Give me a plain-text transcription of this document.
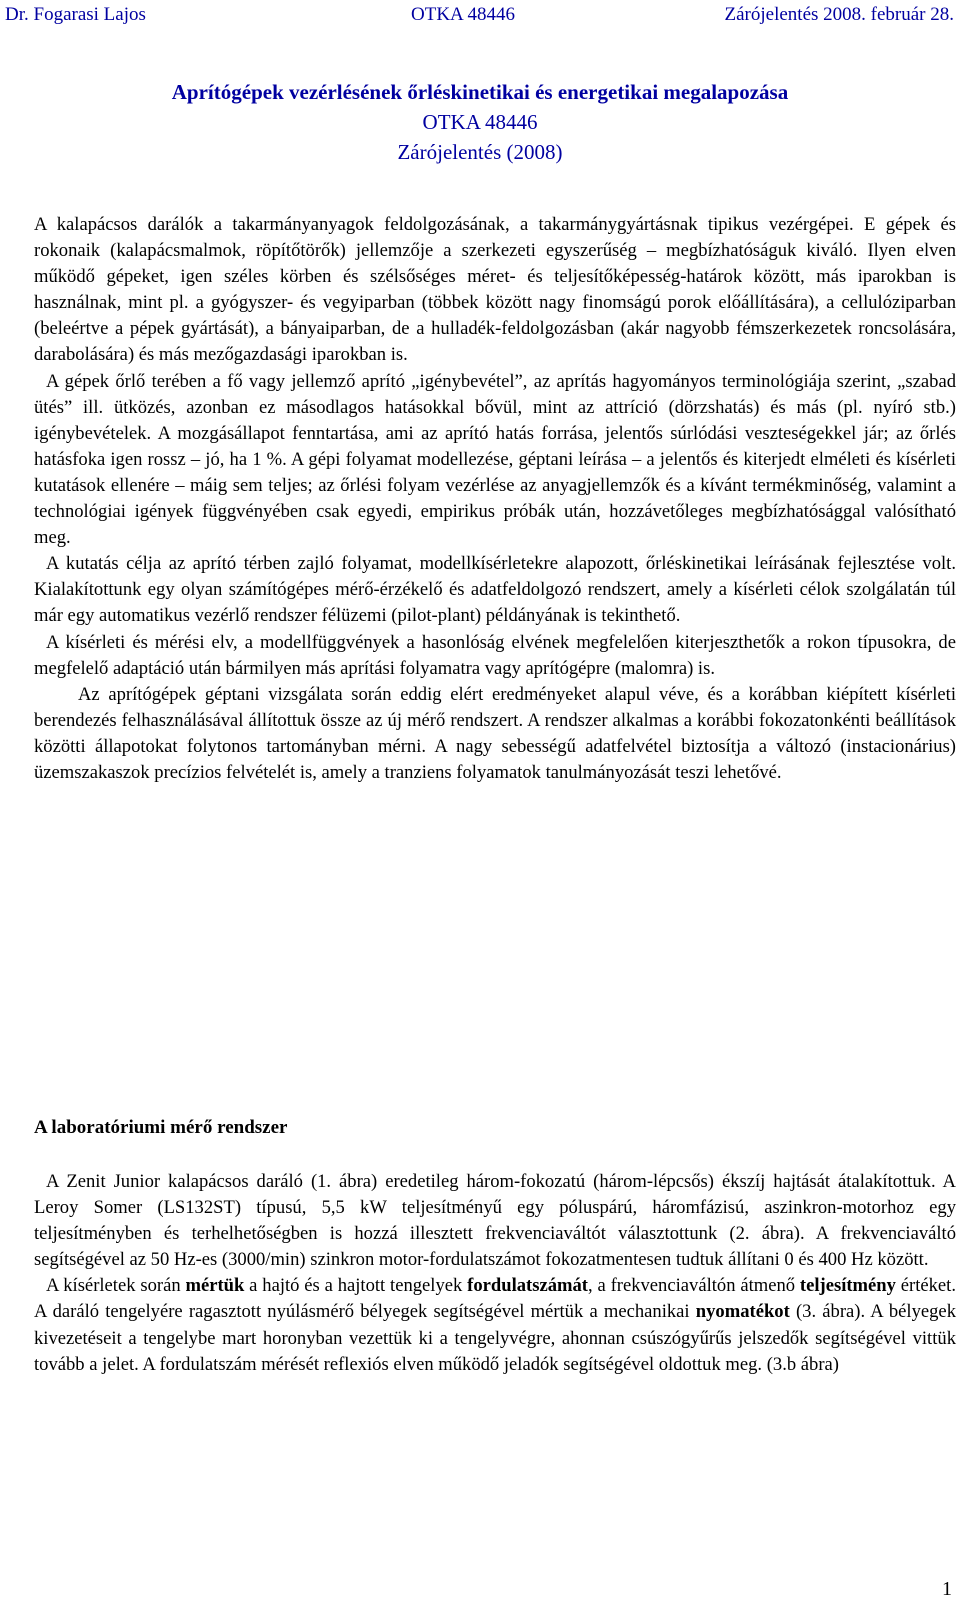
Dr. Fogarasi Lajos	OTKA 48446	Zárójelentés 2008. február 28.
Aprítógépek vezérlésének őrléskinetikai és energetikai megalapozása
OTKA 48446
Zárójelentés (2008)

A kalapácsos darálók a takarmányanyagok feldolgozásának, a takarmánygyártásnak tipikus vezérgépei. E gépek és rokonaik (kalapácsmalmok, röpítőtörők) jellemzője a szerkezeti egyszerűség – megbízhatóságuk kiváló. Ilyen elven működő gépeket, igen széles körben és szélsőséges méret- és teljesítőképesség-határok között, más iparokban is használnak, mint pl. a gyógyszer- és vegyiparban (többek között nagy finomságú porok előállítására), a cellulóziparban (beleértve a pépek gyártását), a bányaiparban, de a hulladék-feldolgozásban (akár nagyobb fémszerkezetek roncsolására, darabolására) és más mezőgazdasági iparokban is.

A gépek őrlő terében a fő vagy jellemző aprító „igénybevétel”, az aprítás hagyományos terminológiája szerint, „szabad ütés” ill. ütközés, azonban ez másodlagos hatásokkal bővül, mint az attríció (dörzshatás) és más (pl. nyíró stb.) igénybevételek. A mozgásállapot fenntartása, ami az aprító hatás forrása, jelentős súrlódási veszteségekkel jár; az őrlés hatásfoka igen rossz – jó, ha 1 %. A gépi folyamat modellezése, géptani leírása – a jelentős és kiterjedt elméleti és kísérleti kutatások ellenére – máig sem teljes; az őrlési folyam vezérlése az anyagjellemzők és a kívánt termékminőség, valamint a technológiai igények függvényében csak egyedi, empirikus próbák után, hozzávetőleges megbízhatósággal valósítható meg.

A kutatás célja az aprító térben zajló folyamat, modellkísérletekre alapozott, őrléskinetikai leírásának fejlesztése volt. Kialakítottunk egy olyan számítógépes mérő-érzékelő és adatfeldolgozó rendszert, amely a kísérleti célok szolgálatán túl már egy automatikus vezérlő rendszer félüzemi (pilot-plant) példányának is tekinthető.

A kísérleti és mérési elv, a modellfüggvények a hasonlóság elvének megfelelően kiterjeszthetők a rokon típusokra, de megfelelő adaptáció után bármilyen más aprítási folyamatra vagy aprítógépre (malomra) is.

Az aprítógépek géptani vizsgálata során eddig elért eredményeket alapul véve, és a korábban kiépített kísérleti berendezés felhasználásával állítottuk össze az új mérő rendszert. A rendszer alkalmas a korábbi fokozatonkénti beállítások közötti állapotokat folytonos tartományban mérni. A nagy sebességű adatfelvétel biztosítja a változó (instacionárius) üzemszakaszok precízios felvételét is, amely a tranziens folyamatok tanulmányozását teszi lehetővé.

A laboratóriumi mérő rendszer

A Zenit Junior kalapácsos daráló (1. ábra) eredetileg három-fokozatú (három-lépcsős) ékszíj hajtását átalakítottuk. A Leroy Somer (LS132ST) típusú, 5,5 kW teljesítményű egy póluspárú, háromfázisú, aszinkron-motorhoz egy teljesítményben és terhelhetőségben is hozzá illesztett frekvenciaváltót választottunk (2. ábra). A frekvenciaváltó segítségével az 50 Hz-es (3000/min) szinkron motor-fordulatszámot fokozatmentesen tudtuk állítani 0 és 400 Hz között.

A kísérletek során mértük a hajtó és a hajtott tengelyek fordulatszámát, a frekvenciaváltón átmenő teljesítmény értéket. A daráló tengelyére ragasztott nyúlásmérő bélyegek segítségével mértük a mechanikai nyomatékot (3. ábra). A bélyegek kivezetéseit a tengelybe mart horonyban vezettük ki a tengelyvégre, ahonnan csúszógyűrűs jelszedők segítségével vittük tovább a jelet. A fordulatszám mérését reflexiós elven működő jeladók segítségével oldottuk meg. (3.b ábra)

1
